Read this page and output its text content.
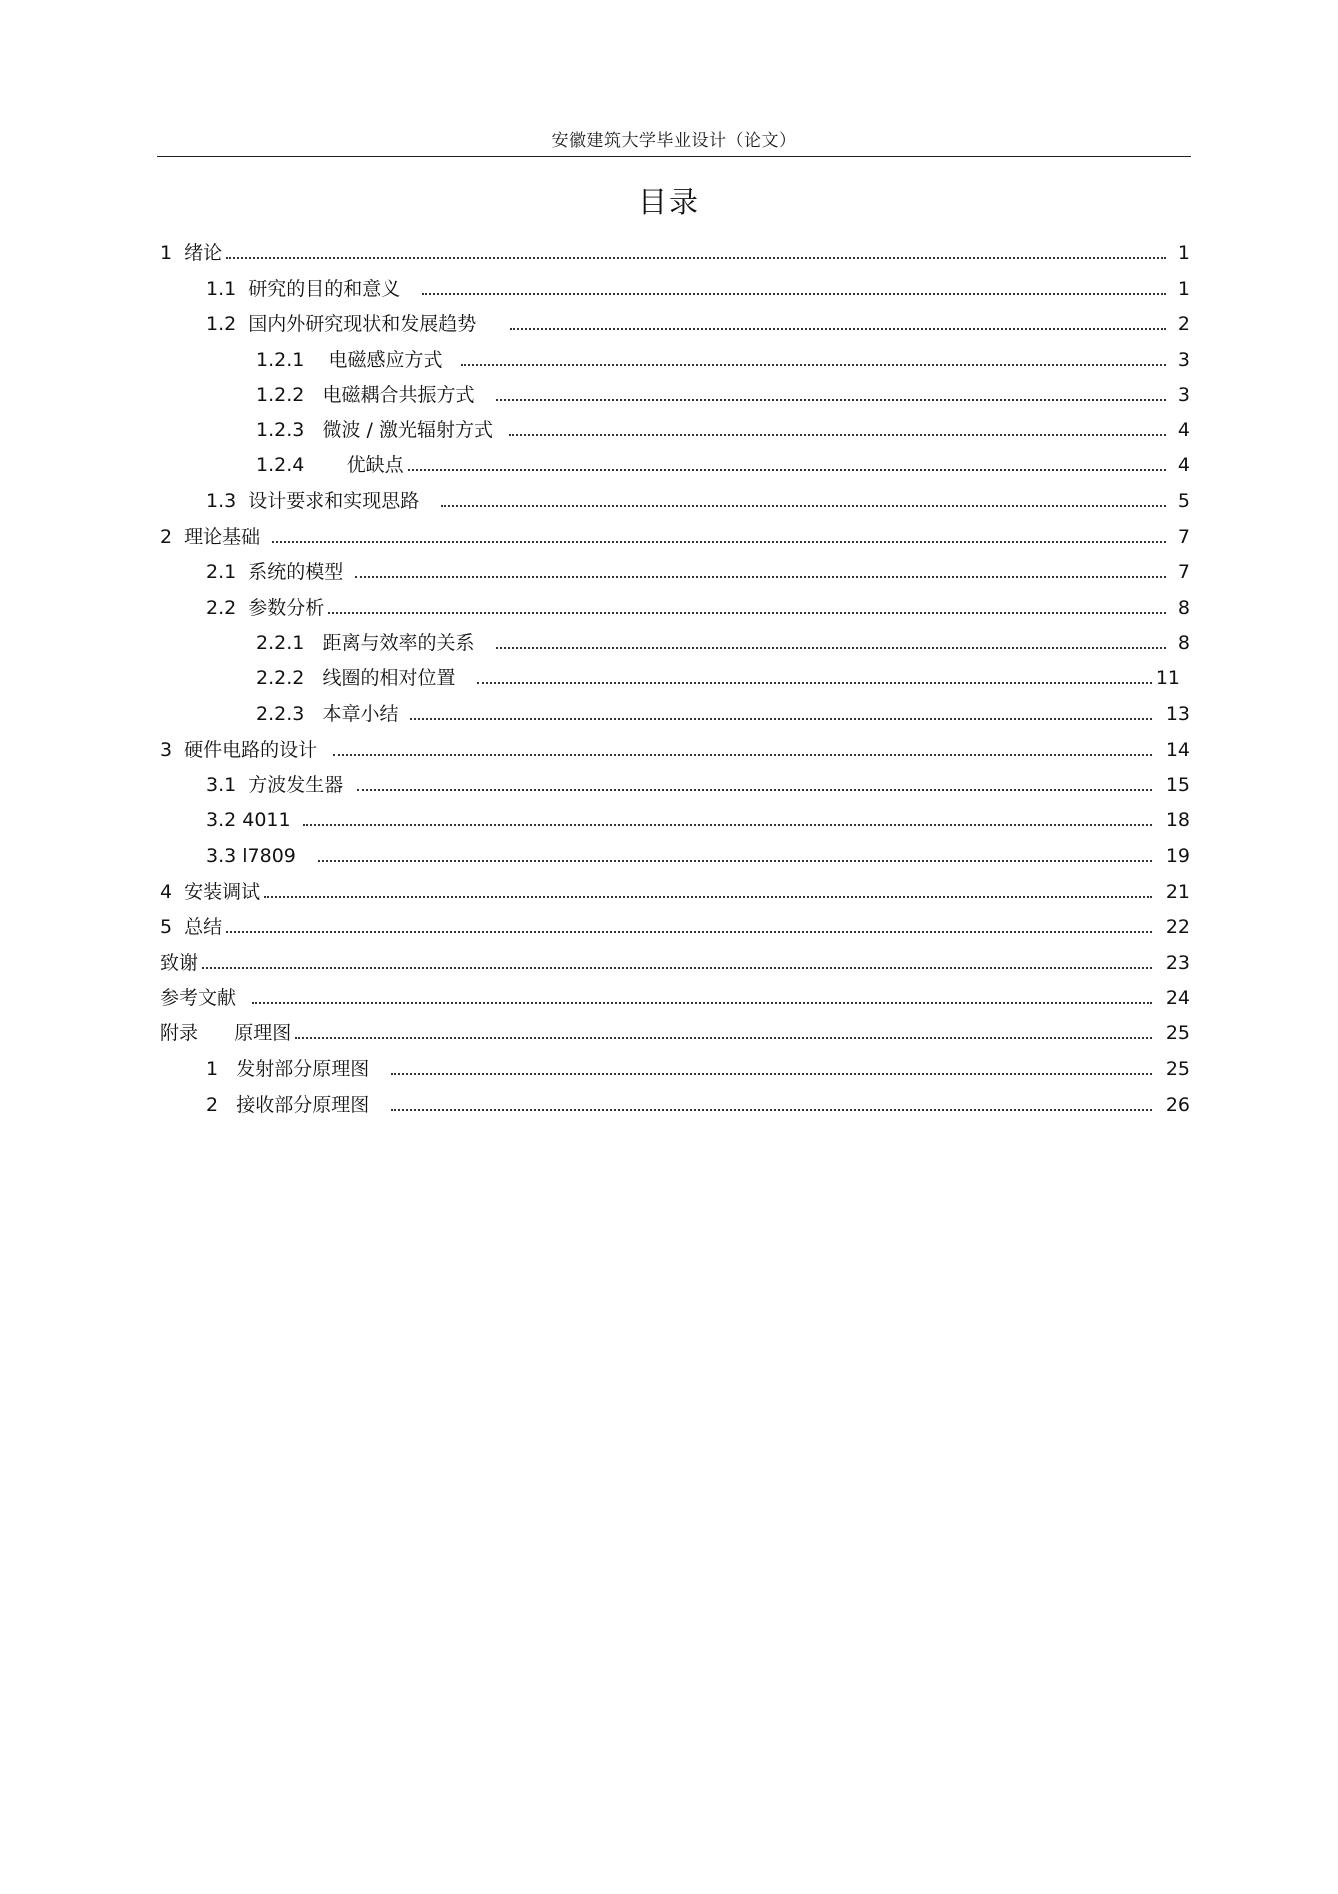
安徽建筑大学毕业设计（论文）
目录
1  绪论	1
1.1  研究的目的和意义	1
1.2  国内外研究现状和发展趋势	2
1.2.1    电磁感应方式	3
1.2.2   电磁耦合共振方式	3
1.2.3   微波 / 激光辐射方式	4
1.2.4       优缺点	4
1.3  设计要求和实现思路	5
2  理论基础	7
2.1  系统的模型	7
2.2  参数分析	8
2.2.1   距离与效率的关系	8
2.2.2   线圈的相对位置	11
2.2.3   本章小结	13
3  硬件电路的设计	14
3.1  方波发生器	15
3.2 4011	18
3.3 l7809	19
4  安装调试	21
5  总结	22
致谢	23
参考文献	24
附录      原理图	25
1   发射部分原理图	25
2   接收部分原理图	26
